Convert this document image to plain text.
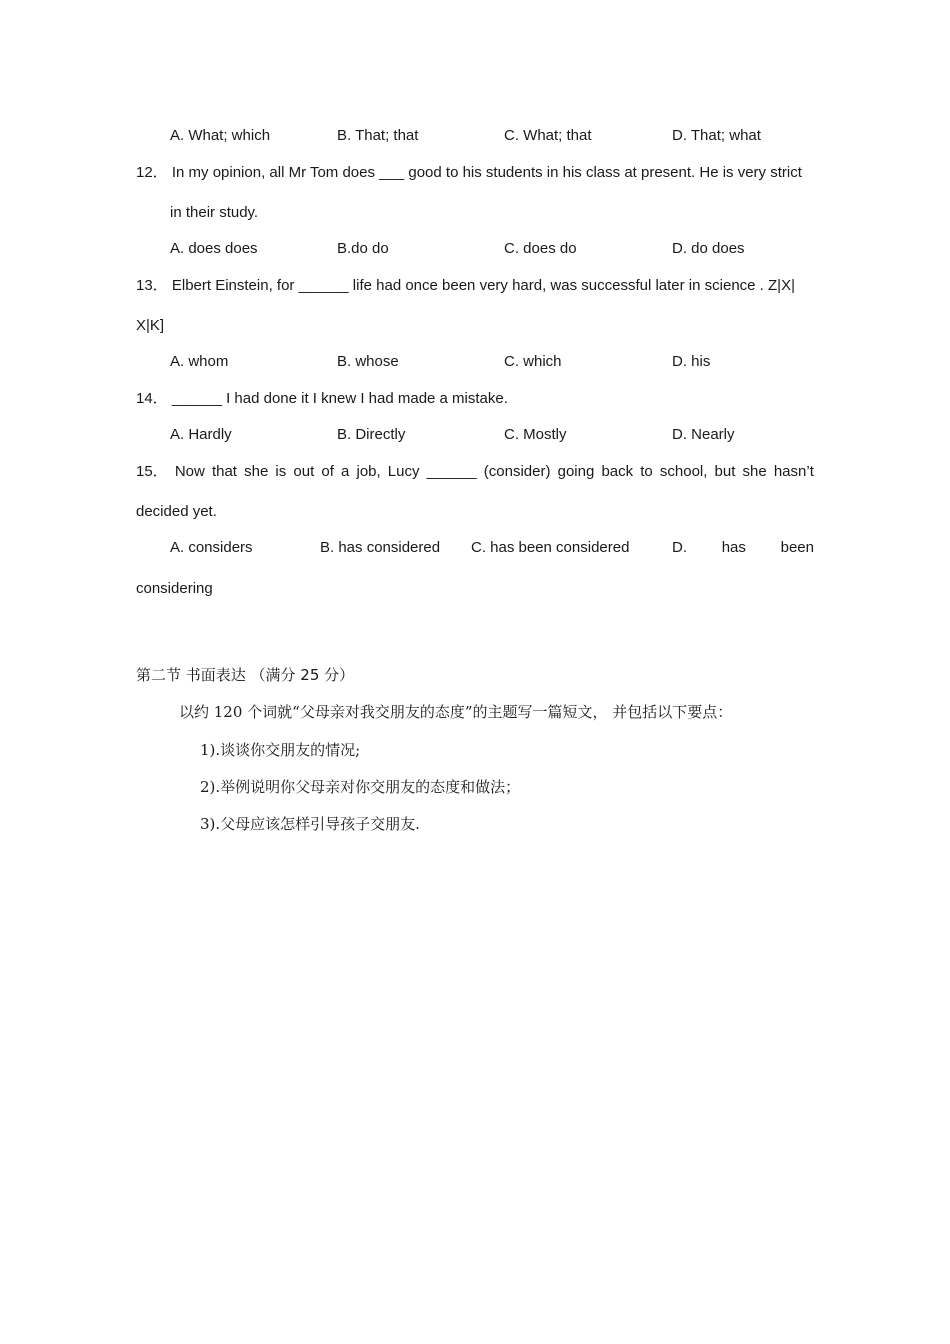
A. What; which	B. That; that	C. What; that	D. That; what
12． In my opinion, all Mr Tom does ___ good to his students in his class at present. He is very strict
in their study.
A. does does	B.do do	C. does do	D. do does
13． Elbert Einstein, for ______ life had once been very hard, was successful later in science . Z|X|
X|K]
A. whom	B. whose	C. which	D. his
14． ______ I had done it I knew I had made a mistake.
A. Hardly	B. Directly	C. Mostly	D. Nearly
15． Now that she is out of a job, Lucy ______ (consider) going back to school, but she hasn’t
decided yet.
A. considers	B. has considered C. has been considered	D. has been
considering
第二节 书面表达 （满分 25 分）
以约 120 个词就“父母亲对我交朋友的态度”的主题写一篇短文， 并包括以下要点：
1).谈谈你交朋友的情况;
2).举例说明你父母亲对你交朋友的态度和做法；
3).父母应该怎样引导孩子交朋友.
